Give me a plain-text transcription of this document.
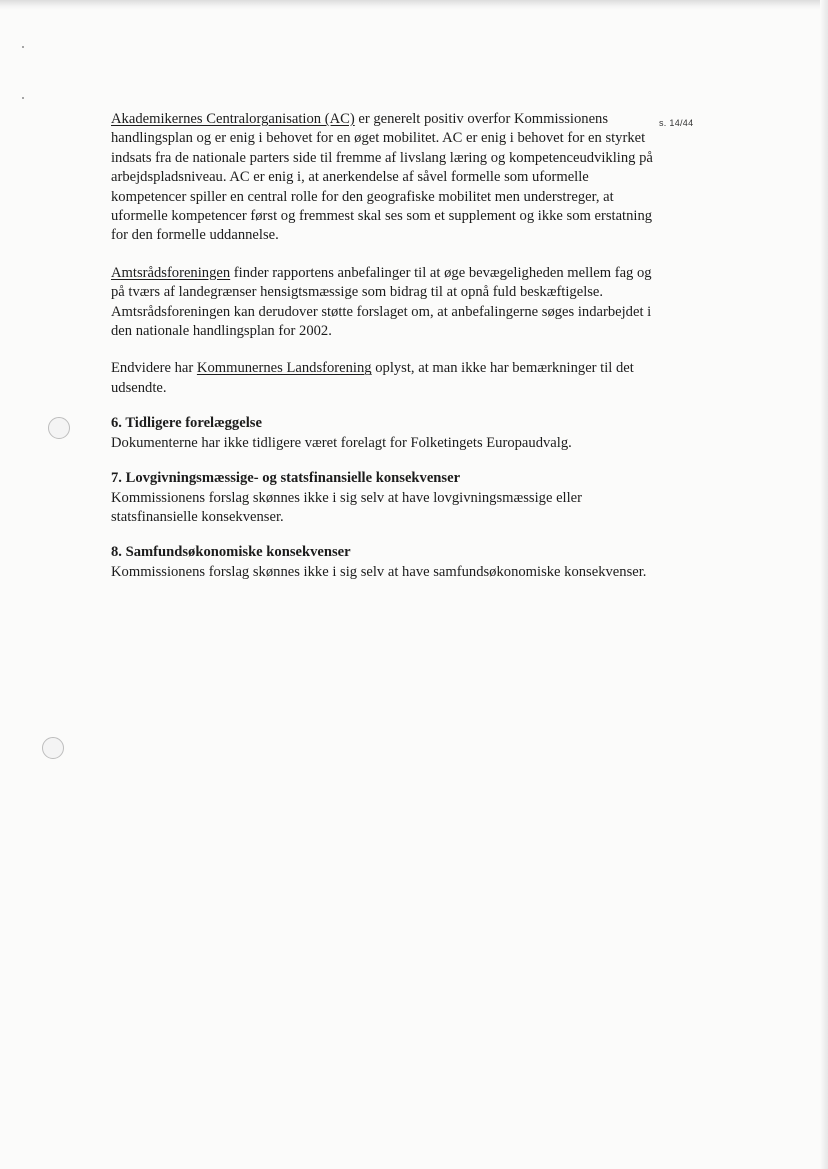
s. 14/44

Akademikernes Centralorganisation (AC) er generelt positiv overfor Kommissionens handlingsplan og er enig i behovet for en øget mobilitet. AC er enig i behovet for en styrket indsats fra de nationale parters side til fremme af livslang læring og kompetenceudvikling på arbejdspladsniveau. AC er enig i, at anerkendelse af såvel formelle som uformelle kompetencer spiller en central rolle for den geografiske mobilitet men understreger, at uformelle kompetencer først og fremmest skal ses som et supplement og ikke som erstatning for den formelle uddannelse.

Amtsrådsforeningen finder rapportens anbefalinger til at øge bevægeligheden mellem fag og på tværs af landegrænser hensigtsmæssige som bidrag til at opnå fuld beskæftigelse. Amtsrådsforeningen kan derudover støtte forslaget om, at anbefalingerne søges indarbejdet i den nationale handlingsplan for 2002.

Endvidere har Kommunernes Landsforening oplyst, at man ikke har bemærkninger til det udsendte.

6. Tidligere forelæggelse

Dokumenterne har ikke tidligere været forelagt for Folketingets Europaudvalg.

7. Lovgivningsmæssige- og statsfinansielle konsekvenser

Kommissionens forslag skønnes ikke i sig selv at have lovgivningsmæssige eller statsfinansielle konsekvenser.

8. Samfundsøkonomiske konsekvenser

Kommissionens forslag skønnes ikke i sig selv at have samfundsøkonomiske konsekvenser.
